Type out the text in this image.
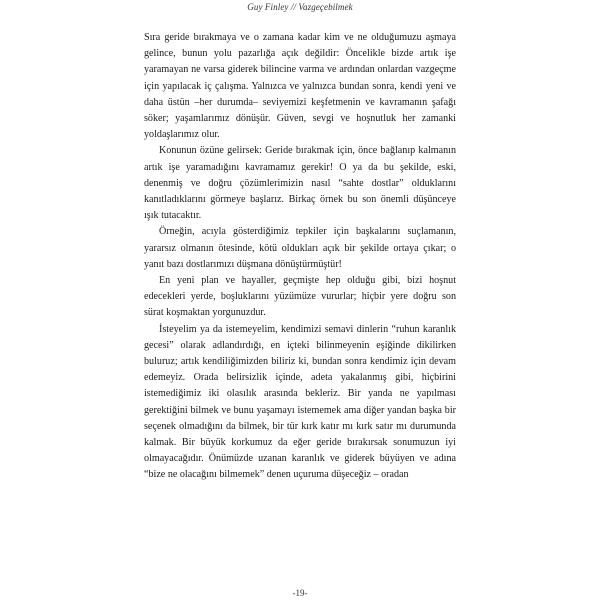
Guy Finley // Vazgeçebilmek

Sıra geride bırakmaya ve o zamana kadar kim ve ne olduğumuzu aşmaya gelince, bunun yolu pazarlığa açık değildir: Öncelikle bizde artık işe yaramayan ne varsa giderek bilincine varma ve ardından onlardan vazgeçme için yapılacak iç çalışma. Yalnızca ve yalnızca bundan sonra, kendi yeni ve daha üstün –her durumda– seviyemizi keşfetmenin ve kavramanın şafağı söker; yaşamlarımız dönüşür. Güven, sevgi ve hoşnutluk her zamanki yoldaşlarımız olur.

Konunun özüne gelirsek: Geride bırakmak için, önce bağlanıp kalmanın artık işe yaramadığını kavramamız gerekir! O ya da bu şekilde, eski, denenmiş ve doğru çözümlerimizin nasıl “sahte dostlar” olduklarını kanıtladıklarını görmeye başlarız. Birkaç örnek bu son önemli düşünceye ışık tutacaktır.

Örneğin, acıyla gösterdiğimiz tepkiler için başkalarını suçlamanın, yararsız olmanın ötesinde, kötü oldukları açık bir şekilde ortaya çıkar; o yanıt bazı dostlarımızı düşmana dönüştürmüştür!

En yeni plan ve hayaller, geçmişte hep olduğu gibi, bizi hoşnut edecekleri yerde, boşluklarını yüzümüze vururlar; hiçbir yere doğru son sürat koşmaktan yorgunuzdur.

İsteyelim ya da istemeyelim, kendimizi semavi dinlerin “ruhun karanlık gecesi” olarak adlandırdığı, en içteki bilinmeyenin eşiğinde dikilirken buluruz; artık kendiliğimizden biliriz ki, bundan sonra kendimiz için devam edemeyiz. Orada belirsizlik içinde, adeta yakalanmış gibi, hiçbirini istemediğimiz iki olasılık arasında bekleriz. Bir yanda ne yapılması gerektiğini bilmek ve bunu yaşamayı istememek ama diğer yandan başka bir seçenek olmadığını da bilmek, bir tür kırk katır mı kırk satır mı durumunda kalmak. Bir büyük korkumuz da eğer geride bırakırsak sonumuzun iyi olmayacağıdır. Önümüzde uzanan karanlık ve giderek büyüyen ve adına “bize ne olacağını bilmemek” denen uçuruma düşeceğiz – oradan

-19-
